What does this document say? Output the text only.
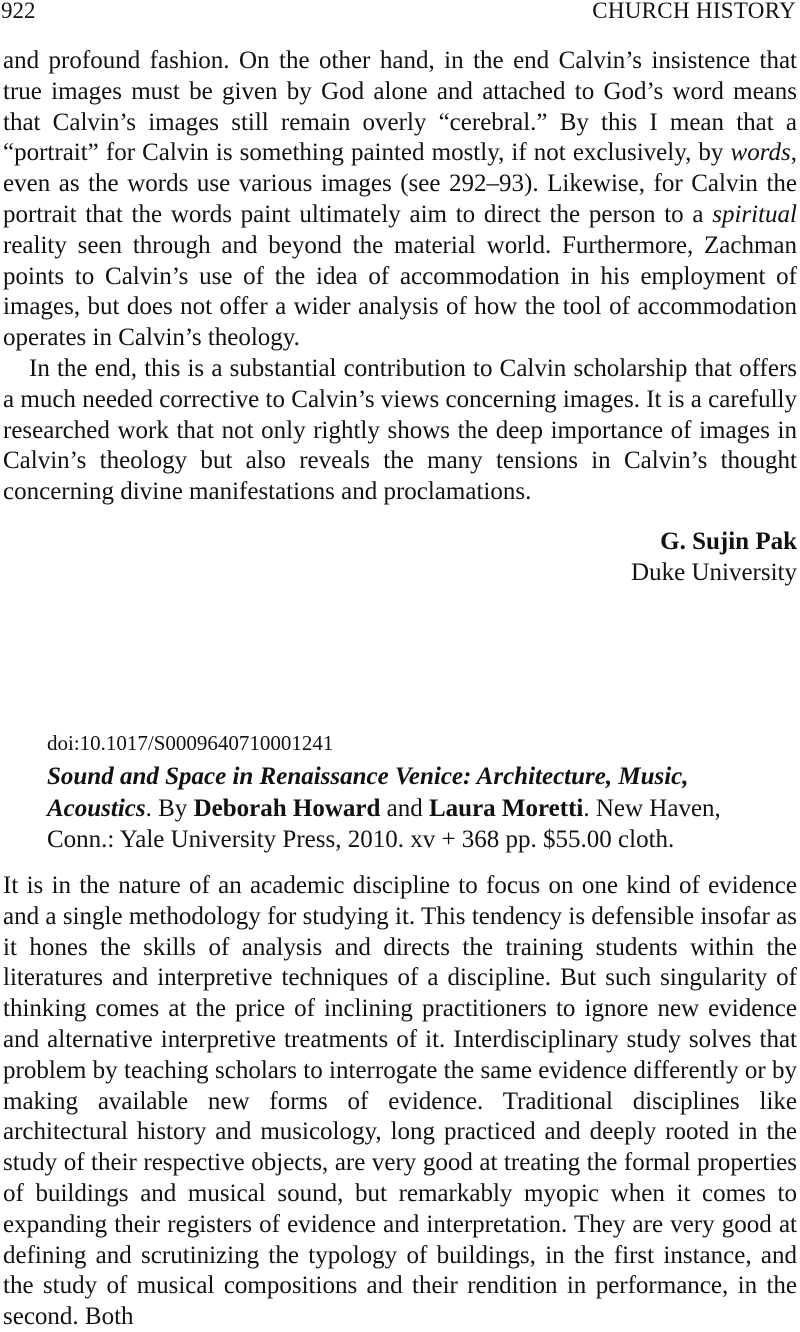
922	CHURCH HISTORY

and profound fashion. On the other hand, in the end Calvin’s insistence that true images must be given by God alone and attached to God’s word means that Calvin’s images still remain overly “cerebral.” By this I mean that a “portrait” for Calvin is something painted mostly, if not exclusively, by words, even as the words use various images (see 292–93). Likewise, for Calvin the portrait that the words paint ultimately aim to direct the person to a spiritual reality seen through and beyond the material world. Furthermore, Zachman points to Calvin’s use of the idea of accommodation in his employment of images, but does not offer a wider analysis of how the tool of accommodation operates in Calvin’s theology.

In the end, this is a substantial contribution to Calvin scholarship that offers a much needed corrective to Calvin’s views concerning images. It is a carefully researched work that not only rightly shows the deep importance of images in Calvin’s theology but also reveals the many tensions in Calvin’s thought concerning divine manifestations and proclamations.

G. Sujin Pak
Duke University
doi:10.1017/S0009640710001241
Sound and Space in Renaissance Venice: Architecture, Music, Acoustics. By Deborah Howard and Laura Moretti. New Haven, Conn.: Yale University Press, 2010. xv + 368 pp. $55.00 cloth.

It is in the nature of an academic discipline to focus on one kind of evidence and a single methodology for studying it. This tendency is defensible insofar as it hones the skills of analysis and directs the training students within the literatures and interpretive techniques of a discipline. But such singularity of thinking comes at the price of inclining practitioners to ignore new evidence and alternative interpretive treatments of it. Interdisciplinary study solves that problem by teaching scholars to interrogate the same evidence differently or by making available new forms of evidence. Traditional disciplines like architectural history and musicology, long practiced and deeply rooted in the study of their respective objects, are very good at treating the formal properties of buildings and musical sound, but remarkably myopic when it comes to expanding their registers of evidence and interpretation. They are very good at defining and scrutinizing the typology of buildings, in the first instance, and the study of musical compositions and their rendition in performance, in the second. Both
